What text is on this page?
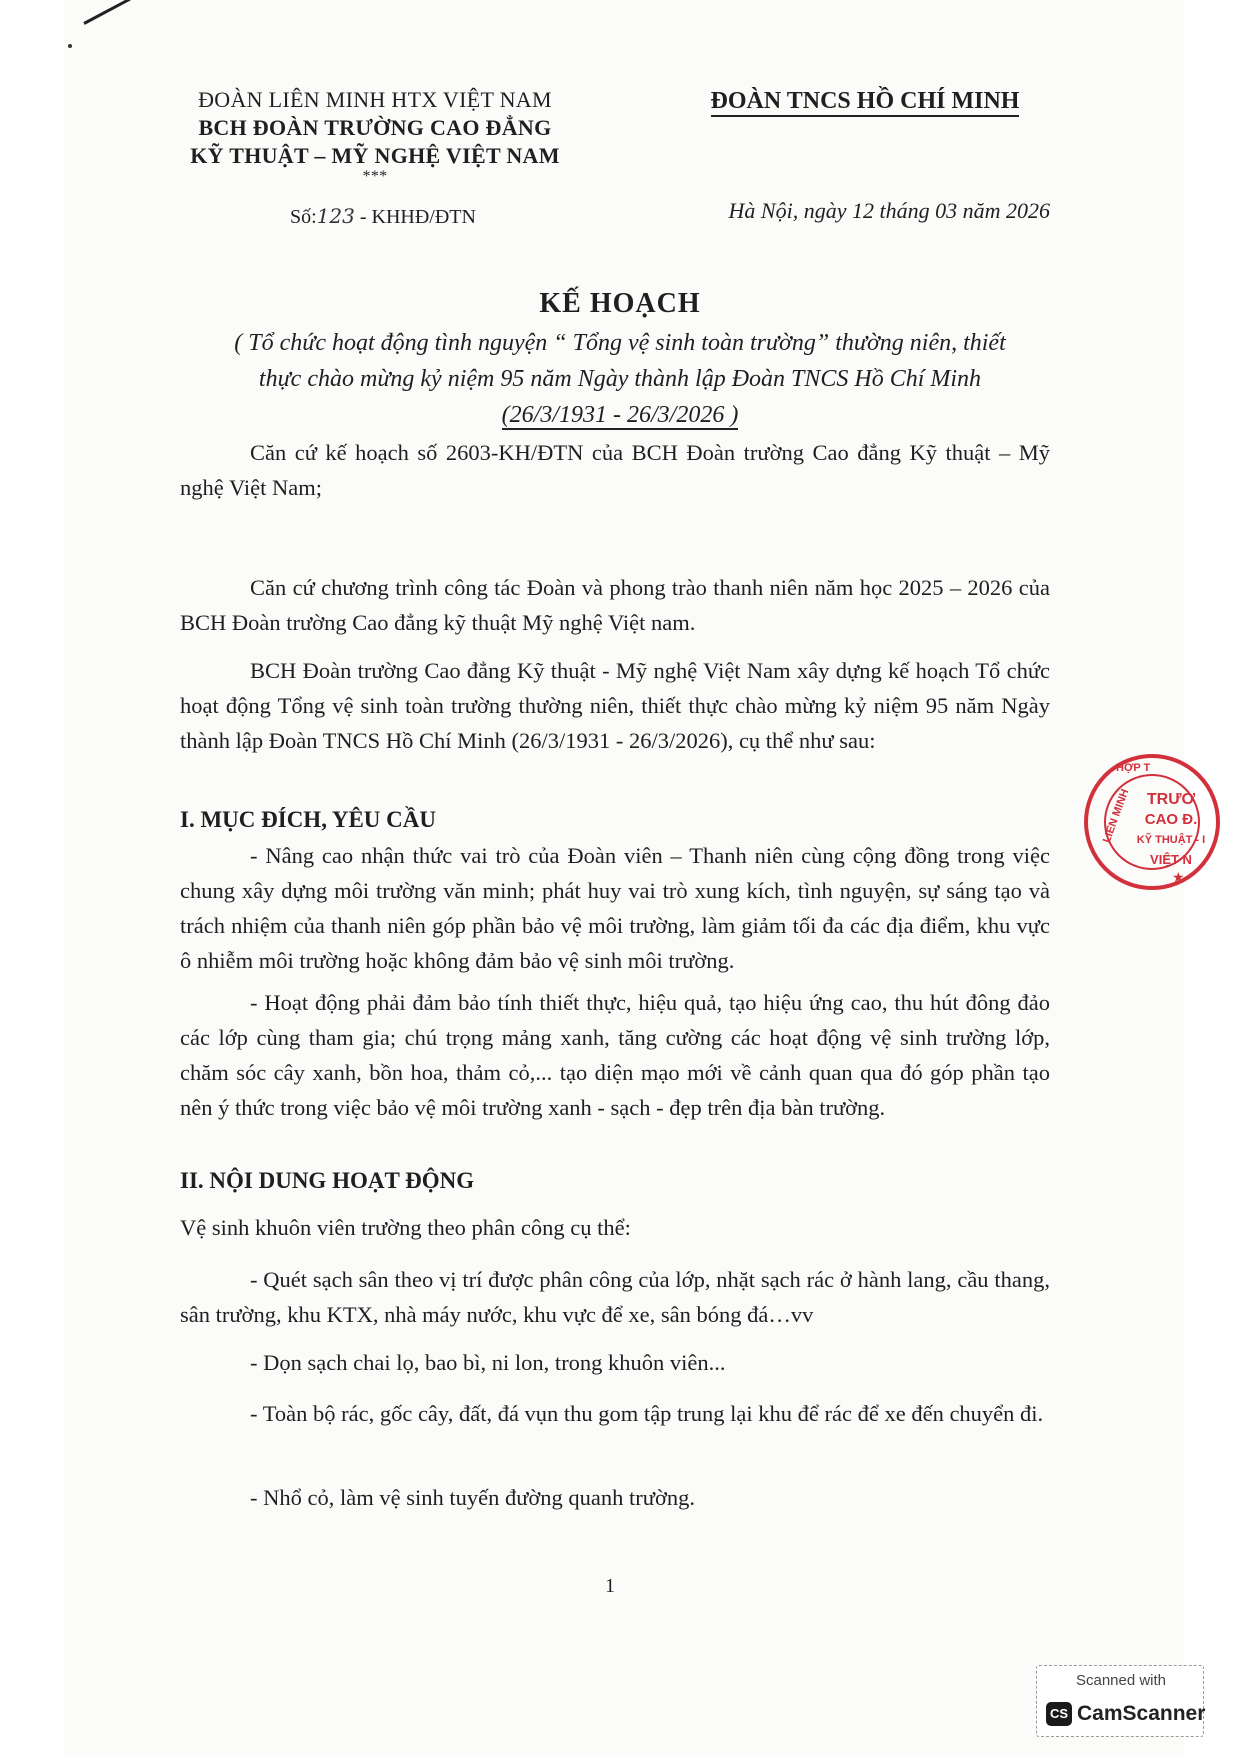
ĐOÀN LIÊN MINH HTX VIỆT NAM
BCH ĐOÀN TRƯỜNG CAO ĐẲNG
KỸ THUẬT – MỸ NGHỆ VIỆT NAM
***
ĐOÀN TNCS HỒ CHÍ MINH
Số:123 - KHHĐ/ĐTN	Hà Nội, ngày 12 tháng 03 năm 2026
KẾ HOẠCH
( Tổ chức hoạt động tình nguyện “ Tổng vệ sinh toàn trường” thường niên, thiết
thực chào mừng kỷ niệm 95 năm Ngày thành lập Đoàn TNCS Hồ Chí Minh
(26/3/1931 - 26/3/2026 )

Căn cứ kế hoạch số 2603-KH/ĐTN của BCH Đoàn trường Cao đẳng Kỹ thuật – Mỹ nghệ Việt Nam;

Căn cứ chương trình công tác Đoàn và phong trào thanh niên năm học 2025 – 2026 của BCH Đoàn trường Cao đẳng kỹ thuật Mỹ nghệ Việt nam.

BCH Đoàn trường Cao đẳng Kỹ thuật - Mỹ nghệ Việt Nam xây dựng kế hoạch Tổ chức hoạt động Tổng vệ sinh toàn trường thường niên, thiết thực chào mừng kỷ niệm 95 năm Ngày thành lập Đoàn TNCS Hồ Chí Minh (26/3/1931 - 26/3/2026), cụ thể như sau:

I. MỤC ĐÍCH, YÊU CẦU

- Nâng cao nhận thức vai trò của Đoàn viên – Thanh niên cùng cộng đồng trong việc chung xây dựng môi trường văn minh; phát huy vai trò xung kích, tình nguyện, sự sáng tạo và trách nhiệm của thanh niên góp phần bảo vệ môi trường, làm giảm tối đa các địa điểm, khu vực ô nhiễm môi trường hoặc không đảm bảo vệ sinh môi trường.

- Hoạt động phải đảm bảo tính thiết thực, hiệu quả, tạo hiệu ứng cao, thu hút đông đảo các lớp cùng tham gia; chú trọng mảng xanh, tăng cường các hoạt động vệ sinh trường lớp, chăm sóc cây xanh, bồn hoa, thảm cỏ,... tạo diện mạo mới về cảnh quan qua đó góp phần tạo nên ý thức trong việc bảo vệ môi trường xanh - sạch - đẹp trên địa bàn trường.

II. NỘI DUNG HOẠT ĐỘNG

Vệ sinh khuôn viên trường theo phân công cụ thể:

- Quét sạch sân theo vị trí được phân công của lớp, nhặt sạch rác ở hành lang, cầu thang, sân trường, khu KTX, nhà máy nước, khu vực để xe, sân bóng đá…vv

- Dọn sạch chai lọ, bao bì, ni lon, trong khuôn viên...

- Toàn bộ rác, gốc cây, đất, đá vụn thu gom tập trung lại khu để rác để xe đến chuyển đi.

- Nhổ cỏ, làm vệ sinh tuyến đường quanh trường.

1
HỢP T
LIÊN MINH TRƯỜ
CAO Đ.
KỸ THUẬT - I
VIỆT N
★
Scanned with
CS CamScanner
